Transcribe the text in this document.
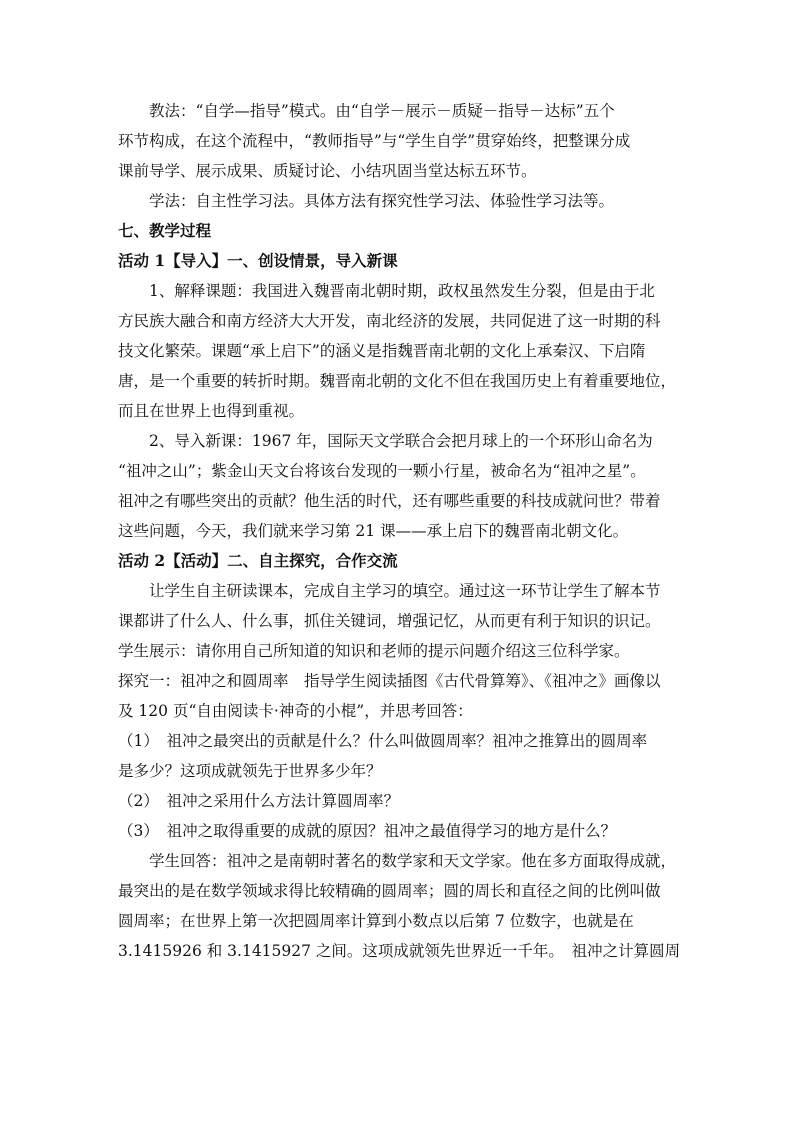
教法：“自学—指导”模式。由“自学－展示－质疑－指导－达标”五个
环节构成，在这个流程中，“教师指导”与“学生自学”贯穿始终，把整课分成
课前导学、展示成果、质疑讨论、小结巩固当堂达标五环节。
学法：自主性学习法。具体方法有探究性学习法、体验性学习法等。
七、教学过程
活动 1【导入】一、创设情景，导入新课
1、解释课题：我国进入魏晋南北朝时期，政权虽然发生分裂，但是由于北
方民族大融合和南方经济大大开发，南北经济的发展，共同促进了这一时期的科
技文化繁荣。课题“承上启下”的涵义是指魏晋南北朝的文化上承秦汉、下启隋
唐，是一个重要的转折时期。魏晋南北朝的文化不但在我国历史上有着重要地位，
而且在世界上也得到重视。
2、导入新课：1967 年，国际天文学联合会把月球上的一个环形山命名为
“祖冲之山”；紫金山天文台将该台发现的一颗小行星，被命名为“祖冲之星”。
祖冲之有哪些突出的贡献？他生活的时代，还有哪些重要的科技成就问世？带着
这些问题，今天，我们就来学习第 21 课——承上启下的魏晋南北朝文化。
活动 2【活动】二、自主探究，合作交流
让学生自主研读课本，完成自主学习的填空。通过这一环节让学生了解本节
课都讲了什么人、什么事，抓住关键词，增强记忆，从而更有利于知识的识记。
学生展示：请你用自己所知道的知识和老师的提示问题介绍这三位科学家。
探究一：祖冲之和圆周率　指导学生阅读插图《古代骨算筹》、《祖冲之》画像以
及 120 页“自由阅读卡·神奇的小棍”，并思考回答：
（1）　祖冲之最突出的贡献是什么？什么叫做圆周率？祖冲之推算出的圆周率
是多少？这项成就领先于世界多少年？
（2）　祖冲之采用什么方法计算圆周率？
（3）　祖冲之取得重要的成就的原因？祖冲之最值得学习的地方是什么？
学生回答：祖冲之是南朝时著名的数学家和天文学家。他在多方面取得成就，
最突出的是在数学领域求得比较精确的圆周率；圆的周长和直径之间的比例叫做
圆周率；在世界上第一次把圆周率计算到小数点以后第 7 位数字，也就是在
3.1415926 和 3.1415927 之间。这项成就领先世界近一千年。　祖冲之计算圆周
